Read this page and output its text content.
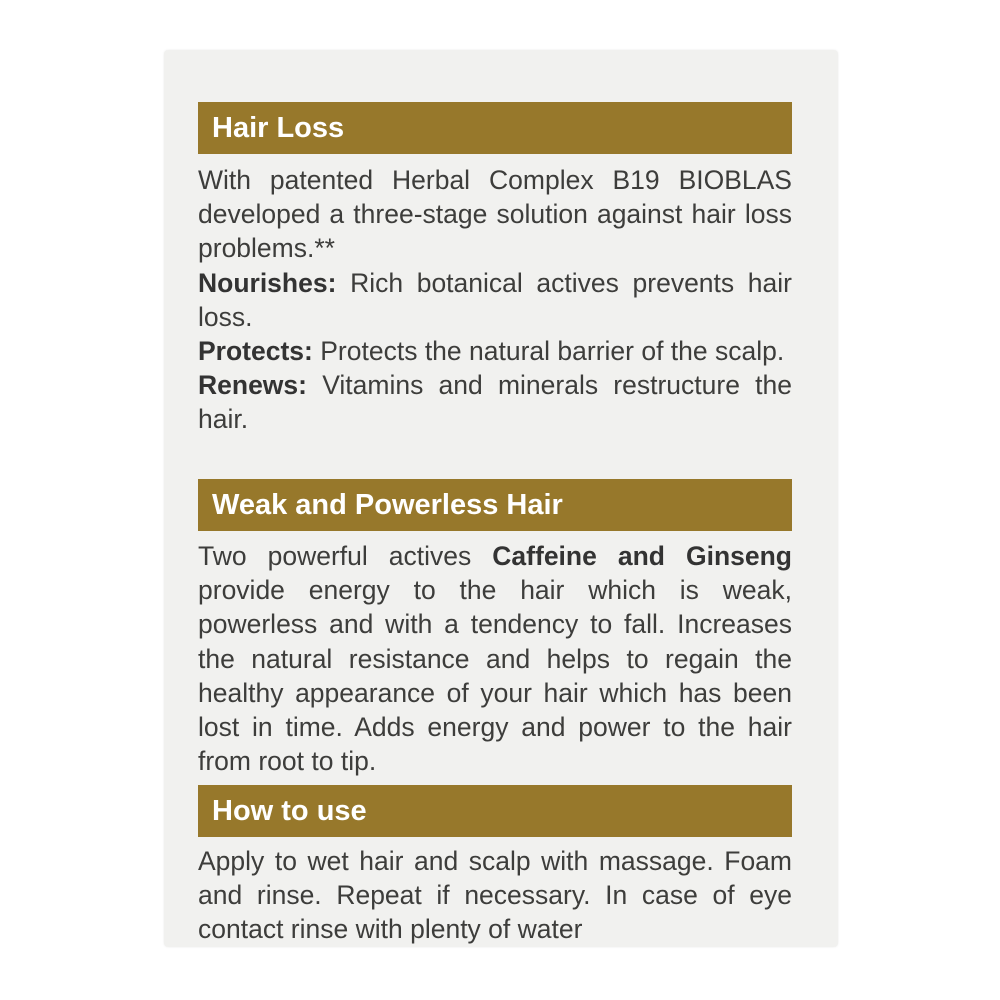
Hair Loss

With patented Herbal Complex B19 BIOBLAS developed a three-stage solution against hair loss problems.**

Nourishes: Rich botanical actives prevents hair loss.

Protects: Protects the natural barrier of the scalp.

Renews: Vitamins and minerals restructure the hair.

Weak and Powerless Hair

Two powerful actives Caffeine and Ginseng provide energy to the hair which is weak, powerless and with a tendency to fall. Increases the natural resistance and helps to regain the healthy appearance of your hair which has been lost in time. Adds energy and power to the hair from root to tip.

How to use

Apply to wet hair and scalp with massage. Foam and rinse. Repeat if necessary. In case of eye contact rinse with plenty of water
